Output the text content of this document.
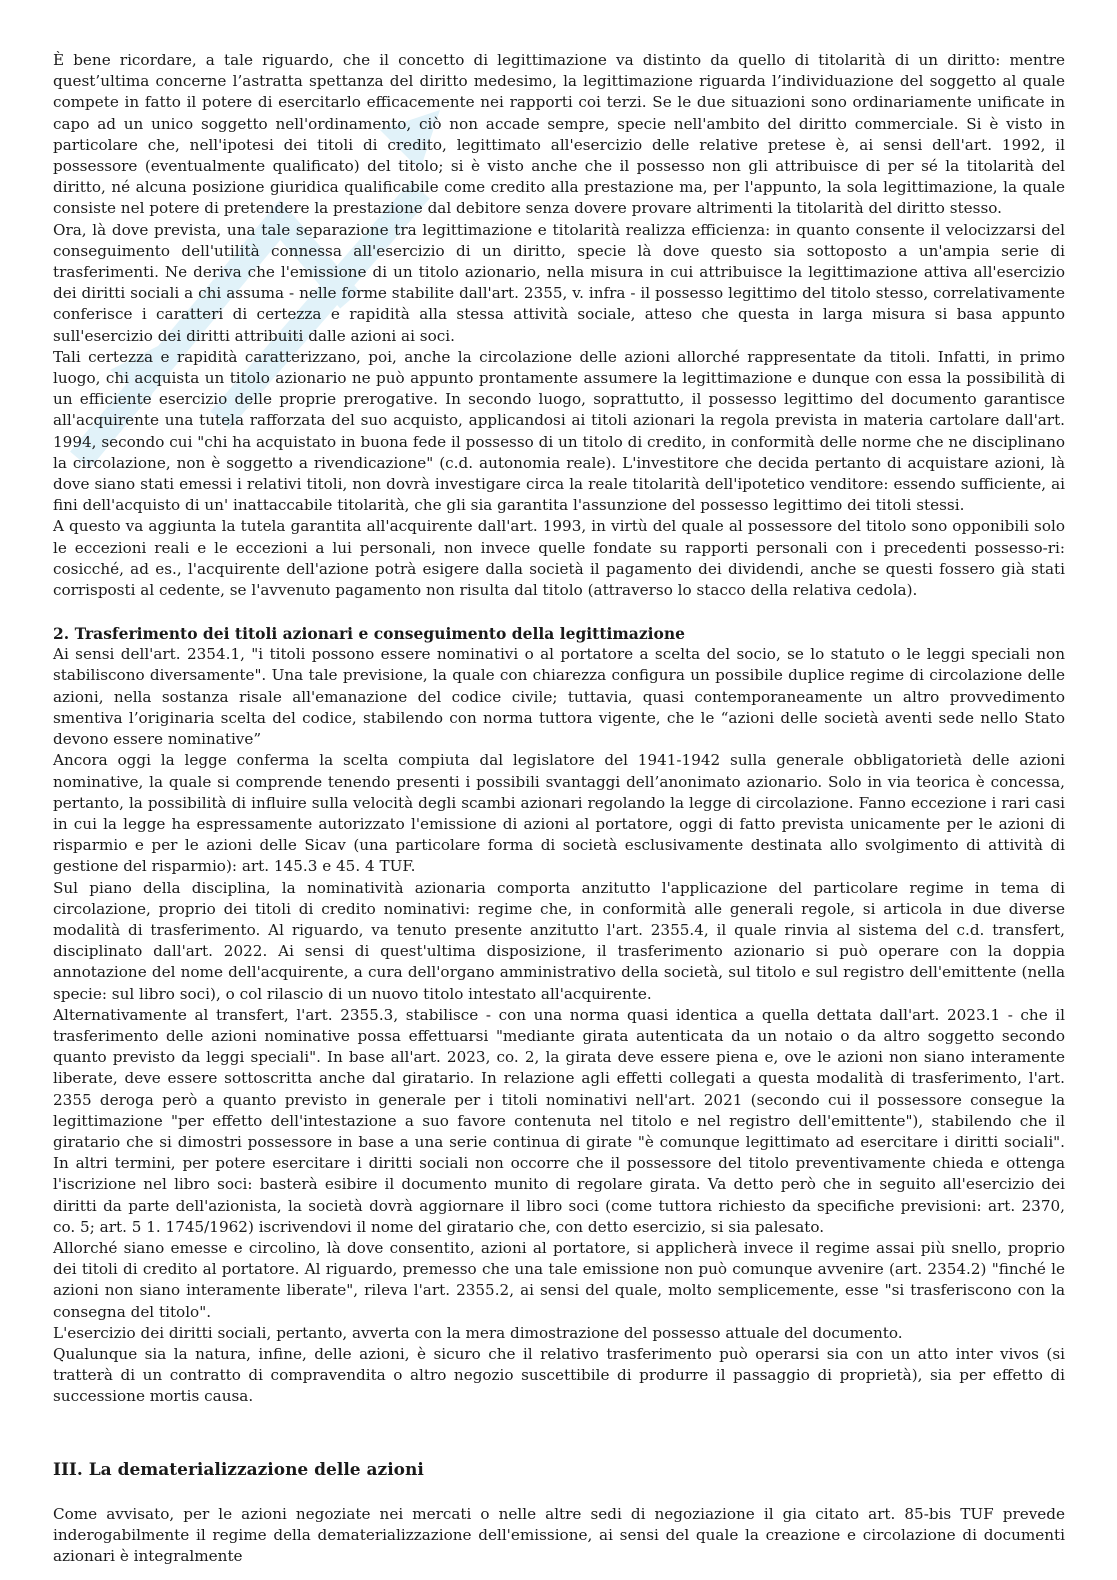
È bene ricordare, a tale riguardo, che il concetto di legittimazione va distinto da quello di titolarità di un diritto: mentre quest’ultima concerne l’astratta spettanza del diritto medesimo, la legittimazione riguarda l’individuazione del soggetto al quale compete in fatto il potere di esercitarlo efficacemente nei rapporti coi terzi. Se le due situazioni sono ordinariamente unificate in capo ad un unico soggetto nell'ordinamento, ciò non accade sempre, specie nell'ambito del diritto commerciale. Si è visto in particolare che, nell'ipotesi dei titoli di credito, legittimato all'esercizio delle relative pretese è, ai sensi dell'art. 1992, il possessore (eventualmente qualificato) del titolo; si è visto anche che il possesso non gli attribuisce di per sé la titolarità del diritto, né alcuna posizione giuridica qualificabile come credito alla prestazione ma, per l'appunto, la sola legittimazione, la quale consiste nel potere di pretendere la prestazione dal debitore senza dovere provare altrimenti la titolarità del diritto stesso.

Ora, là dove prevista, una tale separazione tra legittimazione e titolarità realizza efficienza: in quanto consente il velocizzarsi del conseguimento dell'utilità connessa all'esercizio di un diritto, specie là dove questo sia sottoposto a un'ampia serie di trasferimenti. Ne deriva che l'emissione di un titolo azionario, nella misura in cui attribuisce la legittimazione attiva all'esercizio dei diritti sociali a chi assuma - nelle forme stabilite dall'art. 2355, v. infra - il possesso legittimo del titolo stesso, correlativamente conferisce i caratteri di certezza e rapidità alla stessa attività sociale, atteso che questa in larga misura si basa appunto sull'esercizio dei diritti attribuiti dalle azioni ai soci.

Tali certezza e rapidità caratterizzano, poi, anche la circolazione delle azioni allorché rappresentate da titoli. Infatti, in primo luogo, chi acquista un titolo azionario ne può appunto prontamente assumere la legittimazione e dunque con essa la possibilità di un efficiente esercizio delle proprie prerogative. In secondo luogo, soprattutto, il possesso legittimo del documento garantisce all'acquirente una tutela rafforzata del suo acquisto, applicandosi ai titoli azionari la regola prevista in materia cartolare dall'art. 1994, secondo cui "chi ha acquistato in buona fede il possesso di un titolo di credito, in conformità delle norme che ne disciplinano la circolazione, non è soggetto a rivendicazione" (c.d. autonomia reale). L'investitore che decida pertanto di acquistare azioni, là dove siano stati emessi i relativi titoli, non dovrà investigare circa la reale titolarità dell'ipotetico venditore: essendo sufficiente, ai fini dell'acquisto di un' inattaccabile titolarità, che gli sia garantita l'assunzione del possesso legittimo dei titoli stessi.

A questo va aggiunta la tutela garantita all'acquirente dall'art. 1993, in virtù del quale al possessore del titolo sono opponibili solo le eccezioni reali e le eccezioni a lui personali, non invece quelle fondate su rapporti personali con i precedenti possesso-ri: cosicché, ad es., l'acquirente dell'azione potrà esigere dalla società il pagamento dei dividendi, anche se questi fossero già stati corrisposti al cedente, se l'avvenuto pagamento non risulta dal titolo (attraverso lo stacco della relativa cedola).

2. Trasferimento dei titoli azionari e conseguimento della legittimazione

Ai sensi dell'art. 2354.1, "i titoli possono essere nominativi o al portatore a scelta del socio, se lo statuto o le leggi speciali non stabiliscono diversamente". Una tale previsione, la quale con chiarezza configura un possibile duplice regime di circolazione delle azioni, nella sostanza risale all'emanazione del codice civile; tuttavia, quasi contemporaneamente un altro provvedimento smentiva l’originaria scelta del codice, stabilendo con norma tuttora vigente, che le “azioni delle società aventi sede nello Stato devono essere nominative”

Ancora oggi la legge conferma la scelta compiuta dal legislatore del 1941-1942 sulla generale obbligatorietà delle azioni nominative, la quale si comprende tenendo presenti i possibili svantaggi dell’anonimato azionario. Solo in via teorica è concessa, pertanto, la possibilità di influire sulla velocità degli scambi azionari regolando la legge di circolazione. Fanno eccezione i rari casi in cui la legge ha espressamente autorizzato l'emissione di azioni al portatore, oggi di fatto prevista unicamente per le azioni di risparmio e per le azioni delle Sicav (una particolare forma di società esclusivamente destinata allo svolgimento di attività di gestione del risparmio): art. 145.3 e 45. 4 TUF.

Sul piano della disciplina, la nominatività azionaria comporta anzitutto l'applicazione del particolare regime in tema di circolazione, proprio dei titoli di credito nominativi: regime che, in conformità alle generali regole, si articola in due diverse modalità di trasferimento. Al riguardo, va tenuto presente anzitutto l'art. 2355.4, il quale rinvia al sistema del c.d. transfert, disciplinato dall'art. 2022. Ai sensi di quest'ultima disposizione, il trasferimento azionario si può operare con la doppia annotazione del nome dell'acquirente, a cura dell'organo amministrativo della società, sul titolo e sul registro dell'emittente (nella specie: sul libro soci), o col rilascio di un nuovo titolo intestato all'acquirente.

Alternativamente al transfert, l'art. 2355.3, stabilisce - con una norma quasi identica a quella dettata dall'art. 2023.1 - che il trasferimento delle azioni nominative possa effettuarsi "mediante girata autenticata da un notaio o da altro soggetto secondo quanto previsto da leggi speciali". In base all'art. 2023, co. 2, la girata deve essere piena e, ove le azioni non siano interamente liberate, deve essere sottoscritta anche dal giratario. In relazione agli effetti collegati a questa modalità di trasferimento, l'art. 2355 deroga però a quanto previsto in generale per i titoli nominativi nell'art. 2021 (secondo cui il possessore consegue la legittimazione "per effetto dell'intestazione a suo favore contenuta nel titolo e nel registro dell'emittente"), stabilendo che il giratario che si dimostri possessore in base a una serie continua di girate "è comunque legittimato ad esercitare i diritti sociali". In altri termini, per potere esercitare i diritti sociali non occorre che il possessore del titolo preventivamente chieda e ottenga l'iscrizione nel libro soci: basterà esibire il documento munito di regolare girata. Va detto però che in seguito all'esercizio dei diritti da parte dell'azionista, la società dovrà aggiornare il libro soci (come tuttora richiesto da specifiche previsioni: art. 2370, co. 5; art. 5 1. 1745/1962) iscrivendovi il nome del giratario che, con detto esercizio, si sia palesato.

Allorché siano emesse e circolino, là dove consentito, azioni al portatore, si applicherà invece il regime assai più snello, proprio dei titoli di credito al portatore. Al riguardo, premesso che una tale emissione non può comunque avvenire (art. 2354.2) "finché le azioni non siano interamente liberate", rileva l'art. 2355.2, ai sensi del quale, molto semplicemente, esse "si trasferiscono con la consegna del titolo".

L'esercizio dei diritti sociali, pertanto, avverta con la mera dimostrazione del possesso attuale del documento.

Qualunque sia la natura, infine, delle azioni, è sicuro che il relativo trasferimento può operarsi sia con un atto inter vivos (si tratterà di un contratto di compravendita o altro negozio suscettibile di produrre il passaggio di proprietà), sia per effetto di successione mortis causa.

III. La dematerializzazione delle azioni

Come avvisato, per le azioni negoziate nei mercati o nelle altre sedi di negoziazione il gia citato art. 85-bis TUF prevede inderogabilmente il regime della dematerializzazione dell'emissione, ai sensi del quale la creazione e circolazione di documenti azionari è integralmente
